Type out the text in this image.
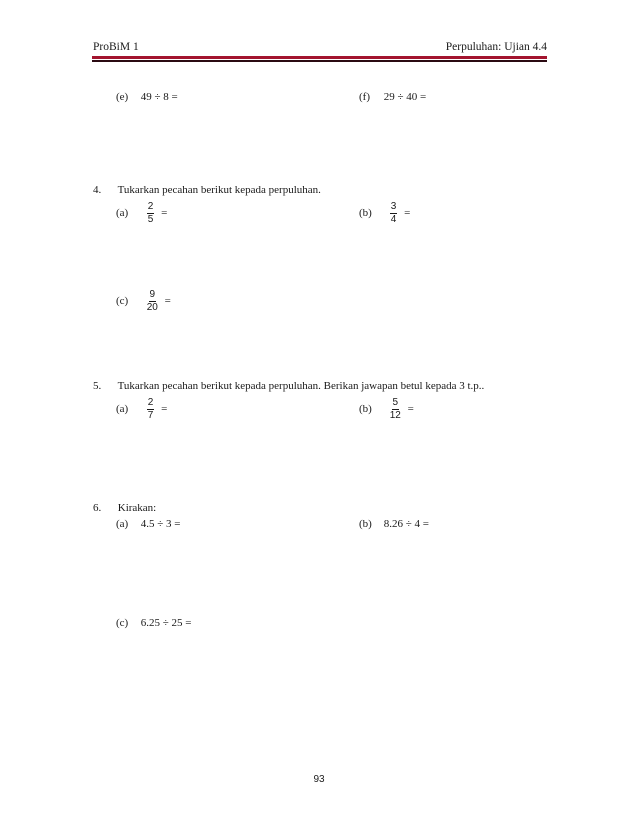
ProBiM 1	Perpuluhan: Ujian 4.4
(e) 49 ÷ 8 =	(f) 29 ÷ 40 =
4. Tukarkan pecahan berikut kepada perpuluhan.
$(a) \frac{2}{5}$ =	$(b) \frac{3}{4}$ =
$(c) \frac{9}{20}$ =
5. Tukarkan pecahan berikut kepada perpuluhan. Berikan jawapan betul kepada 3 t.p..
$(a) \frac{2}{7}$ =	$(b) \frac{5}{12}$ =
6. Kirakan:
(a) 4.5 ÷ 3 =	(b) 8.26 ÷ 4 =
(c) 6.25 ÷ 25 =
93
